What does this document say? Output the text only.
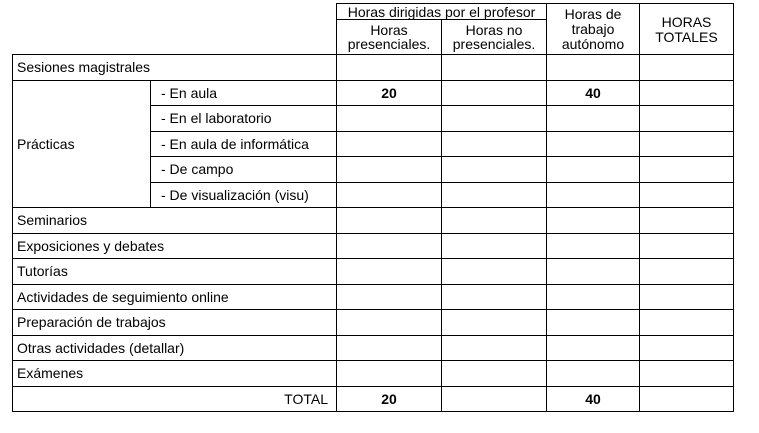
		Horas dirigidas por el profesor		Horas de trabajo autónomo	HORAS TOTALES
		Horas presenciales.	Horas no presenciales.		
Sesiones magistrales					
Prácticas	- En aula	20		40	
	- En el laboratorio				
	- En aula de informática				
	- De campo				
	- De visualización (visu)				
Seminarios					
Exposiciones y debates					
Tutorías					
Actividades de seguimiento online					
Preparación de trabajos					
Otras actividades (detallar)					
Exámenes					
TOTAL		20		40	
